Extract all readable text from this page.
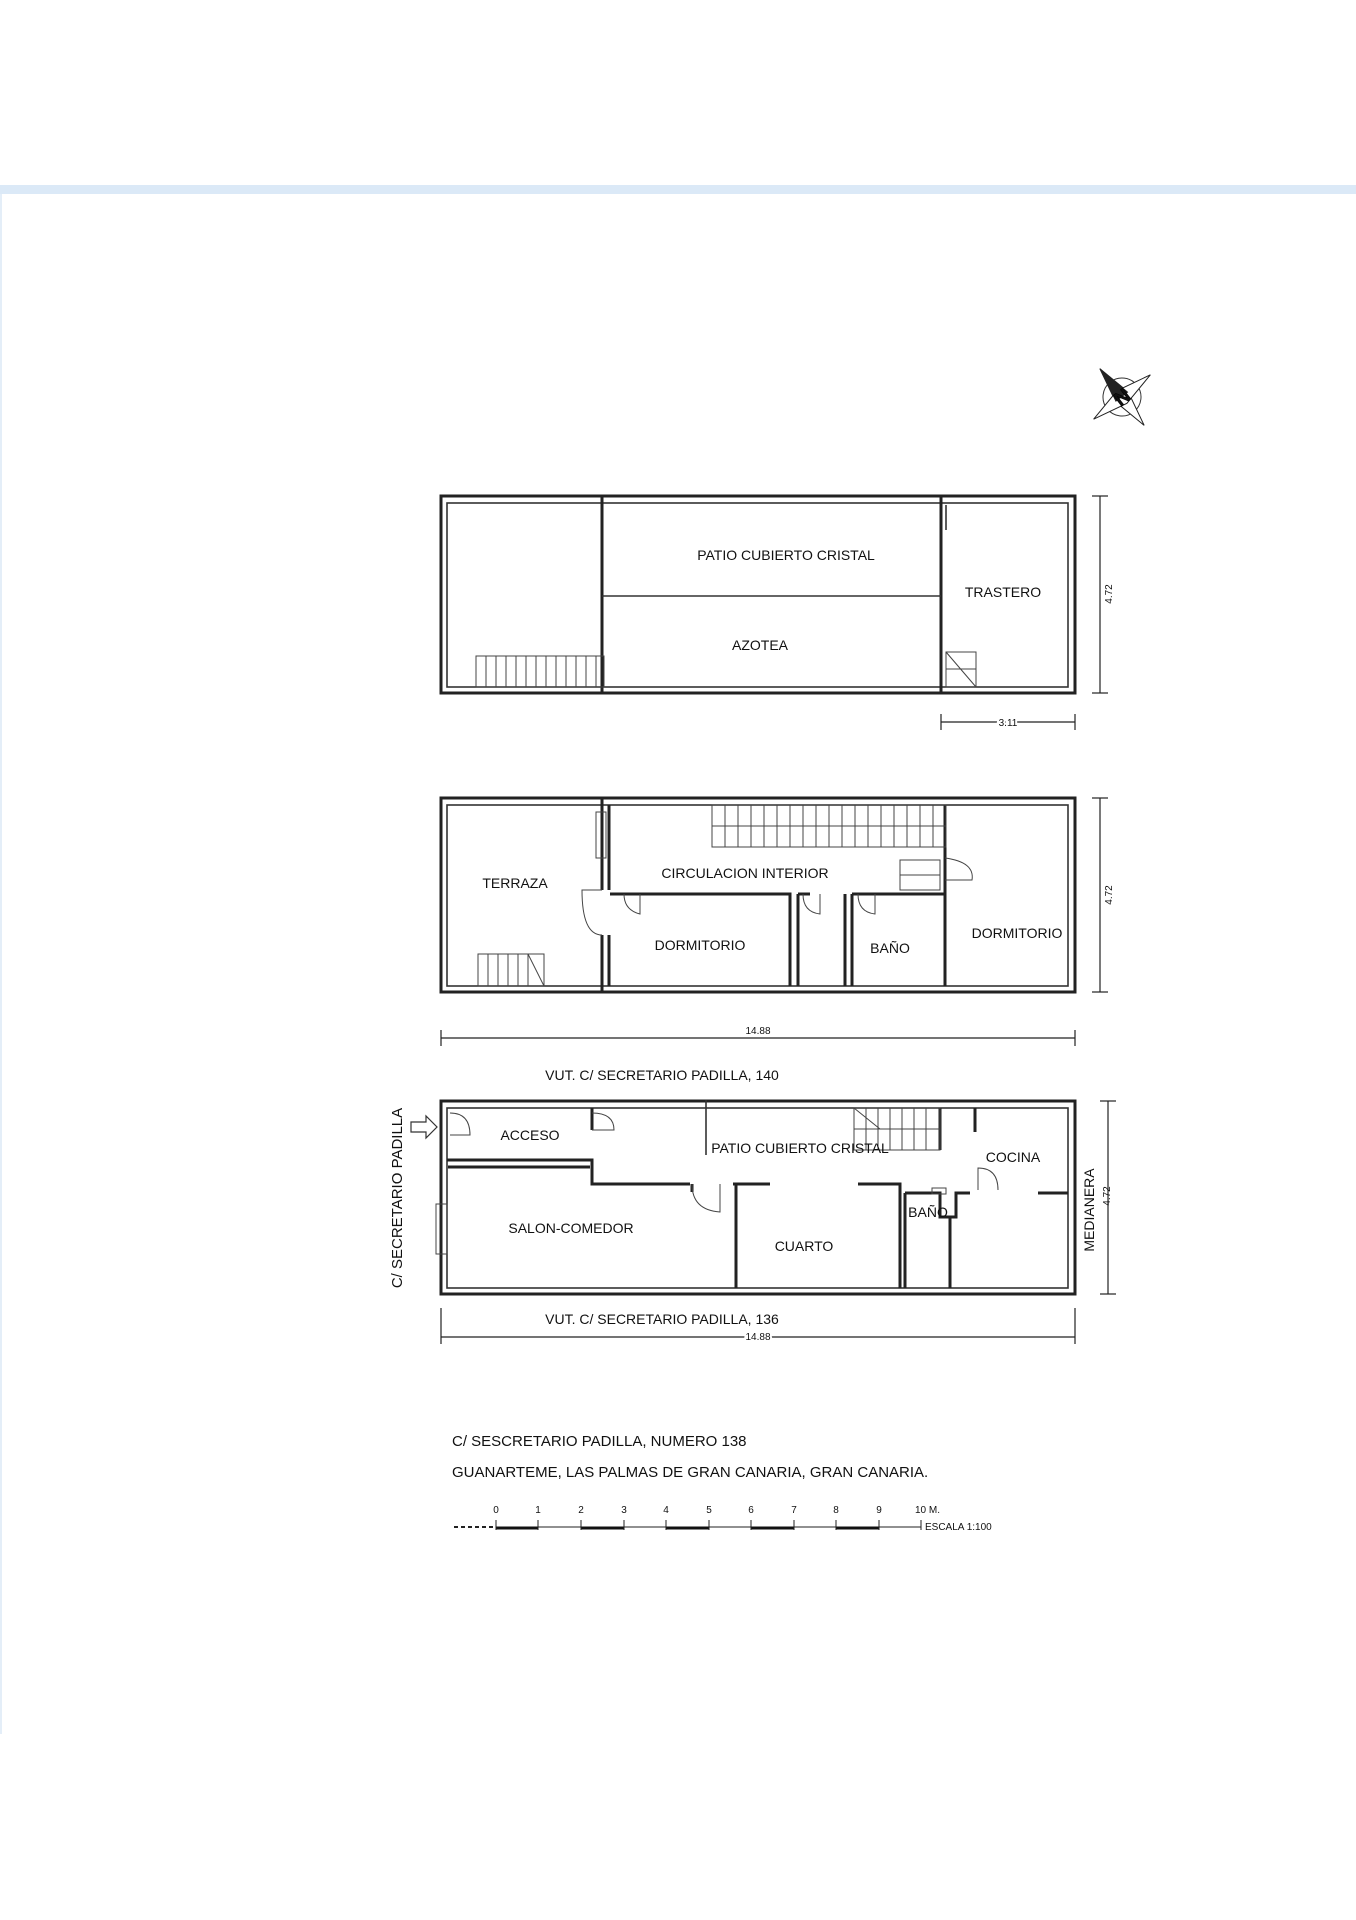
N
PATIO CUBIERTO CRISTAL
AZOTEA
TRASTERO	4.72
3.11
TERRAZA
CIRCULACION INTERIOR
DORMITORIO	BAÑO
DORMITORIO
4.72
14.88
VUT. C/ SECRETARIO PADILLA, 140
ACCESO
PATIO CUBIERTO CRISTAL
COCINA
SALON-COMEDOR
CUARTO
BAÑO
C/ SECRETARIO PADILLA	MEDIANERA 4.72
VUT. C/ SECRETARIO PADILLA, 136
14.88
C/ SESCRETARIO PADILLA, NUMERO 138
GUANARTEME, LAS PALMAS DE GRAN CANARIA, GRAN CANARIA.
0	1	2	3	4	5	6	7	8	9	10 M.
ESCALA 1:100
